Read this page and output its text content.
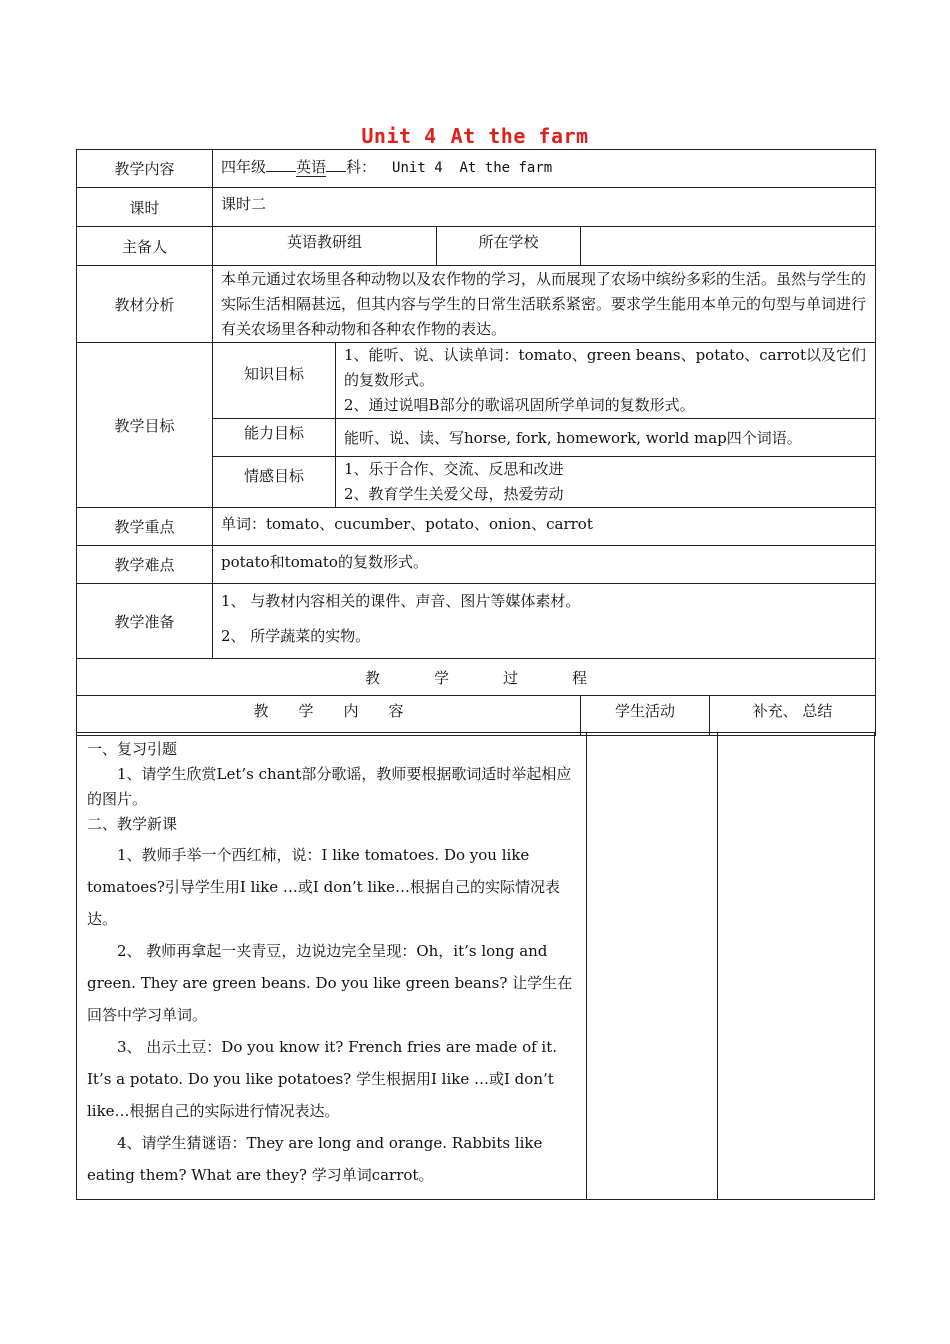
Unit 4 At the farm
教学内容	四年级 英语 科： Unit 4  At the farm				
课时	课时二				
主备人	英语教研组		所在学校		
教材分析	本单元通过农场里各种动物以及农作物的学习，从而展现了农场中缤纷多彩的生活。虽然与学生的实际生活相隔甚远，但其内容与学生的日常生活联系紧密。要求学生能用本单元的句型与单词进行有关农场里各种动物和各种农作物的表达。				
教学目标	知识目标	1、能听、说、认读单词：tomato、green beans、potato、carrot以及它们的复数形式。
2、通过说唱B部分的歌谣巩固所学单词的复数形式。			

	能力目标	能听、说、读、写horse, fork, homework, world map四个词语。			
	情感目标	1、乐于合作、交流、反思和改进
2、教育学生关爱父母，热爱劳动			

教学重点	单词：tomato、cucumber、potato、onion、carrot				
教学难点	potato和tomato的复数形式。				
教学准备	1、 与教材内容相关的课件、声音、图片等媒体素材。
2、 所学蔬菜的实物。				

教学过程					
教学内容				学生活动	补充、 总结

一、复习引题

1、请学生欣赏Let’s chant部分歌谣，教师要根据歌词适时举起相应的图片。

二、教学新课

1、教师手举一个西红柿，说：I like tomatoes. Do you like tomatoes?引导学生用I like …或I don’t like…根据自己的实际情况表达。

2、 教师再拿起一夹青豆，边说边完全呈现：Oh，it’s long and green. They are green beans. Do you like green beans? 让学生在回答中学习单词。

3、 出示土豆：Do you know it? French fries are made of it. It’s a potato. Do you like potatoes? 学生根据用I like …或I don’t like…根据自己的实际进行情况表达。

4、请学生猜谜语：They are long and orange. Rabbits like eating them? What are they? 学习单词carrot。
